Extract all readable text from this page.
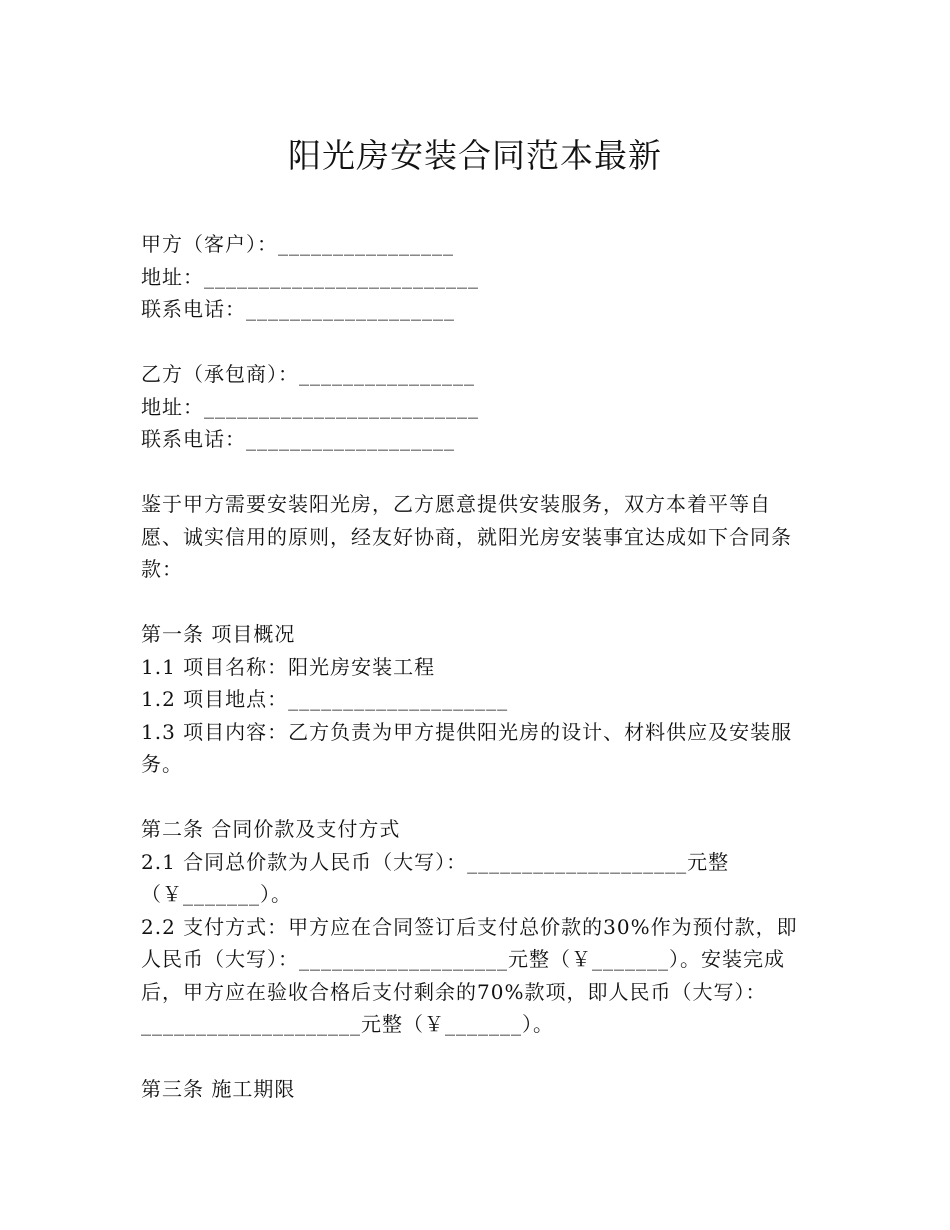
阳光房安装合同范本最新
甲方（客户）：________________
地址：_________________________
联系电话：___________________
乙方（承包商）：________________
地址：_________________________
联系电话：___________________
鉴于甲方需要安装阳光房，乙方愿意提供安装服务，双方本着平等自愿、诚实信用的原则，经友好协商，就阳光房安装事宜达成如下合同条款：
第一条 项目概况
1.1 项目名称：阳光房安装工程
1.2 项目地点：____________________
1.3 项目内容：乙方负责为甲方提供阳光房的设计、材料供应及安装服务。
第二条 合同价款及支付方式
2.1 合同总价款为人民币（大写）：____________________元整（￥_______）。
2.2 支付方式：甲方应在合同签订后支付总价款的30%作为预付款，即人民币（大写）：___________________元整（￥_______）。安装完成后，甲方应在验收合格后支付剩余的70%款项，即人民币（大写）：____________________元整（￥_______）。
第三条 施工期限
